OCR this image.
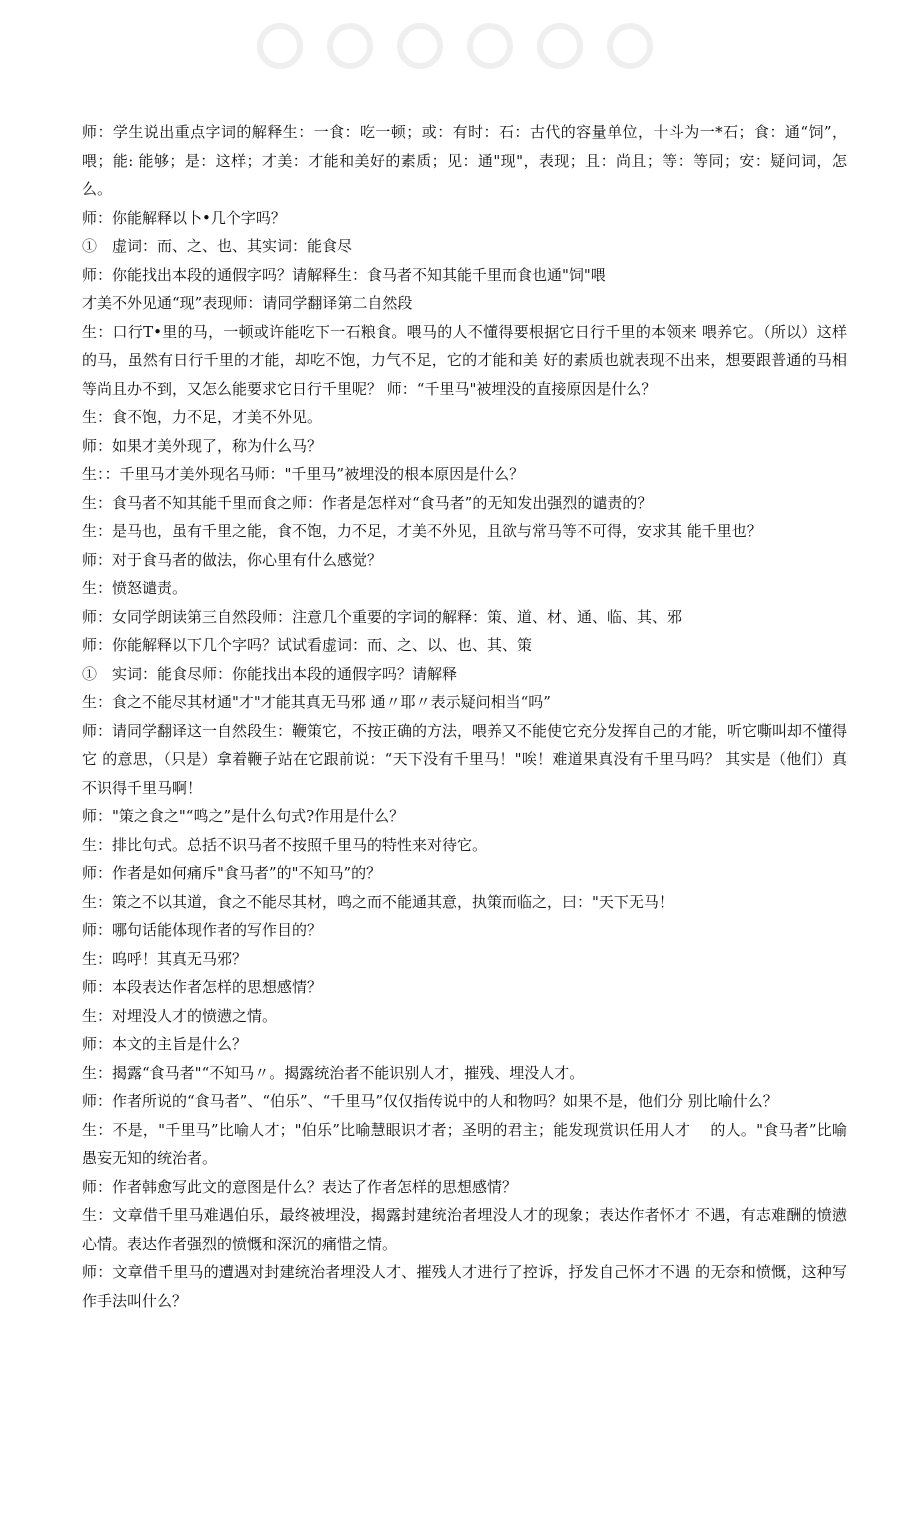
师：学生说出重点字词的解释生：一食：吃一顿；或：有时：石：古代的容量单位，十斗为一*石；食：通“饲”，喂；能: 能够；是：这样；才美：才能和美好的素质；见：通"现"，表现；且：尚且；等：等同；安：疑问词，怎么。

师：你能解释以卜•几个字吗？

①　虚词：而、之、也、其实词：能食尽

师：你能找出本段的通假字吗？请解释生：食马者不知其能千里而食也通"饲"喂

才美不外见通“现”表现师：请同学翻译第二自然段

生：口行T•里的马，一顿或许能吃下一石粮食。喂马的人不懂得要根据它日行千里的本领来 喂养它。（所以）这样的马，虽然有日行千里的才能，却吃不饱，力气不足，它的才能和美 好的素质也就表现不出来，想要跟普通的马相等尚且办不到，又怎么能要求它日行千里呢？ 师：“千里马"被埋没的直接原因是什么？

生：食不饱，力不足，才美不外见。

师：如果才美外现了，称为什么马？

生：：千里马才美外现名马师："千里马”被埋没的根本原因是什么？

生：食马者不知其能千里而食之师：作者是怎样对“食马者”的无知发出强烈的谴责的？

生：是马也，虽有千里之能，食不饱，力不足，才美不外见，且欲与常马等不可得，安求其 能千里也？

师：对于食马者的做法，你心里有什么感觉？

生：愤怒谴责。

师：女同学朗读第三自然段师：注意几个重要的字词的解释：策、道、材、通、临、其、邪

师：你能解释以下几个字吗？试试看虚词：而、之、以、也、其、策

①　实词：能食尽师：你能找出本段的通假字吗？请解释

生：食之不能尽其材通"才"才能其真无马邪 通〃耶〃表示疑问相当“吗”

师：请同学翻译这一自然段生：鞭策它，不按正确的方法，喂养又不能使它充分发挥自己的才能，听它嘶叫却不懂得它 的意思，（只是）拿着鞭子站在它跟前说：“天下没有千里马！"唉！难道果真没有千里马吗？ 其实是（他们）真不识得千里马啊！

师："策之食之"“鸣之”是什么句式?作用是什么？

生：排比句式。总括不识马者不按照千里马的特性来对待它。

师：作者是如何痛斥"食马者”的"不知马”的？

生：策之不以其道，食之不能尽其材，鸣之而不能通其意，执策而临之，曰："天下无马！

师：哪句话能体现作者的写作目的？

生：呜呼！其真无马邪？

师：本段表达作者怎样的思想感情？

生：对埋没人才的愤懑之情。

师：本文的主旨是什么？

生：揭露“食马者"“不知马〃。揭露统治者不能识别人才，摧残、埋没人才。

师：作者所说的“食马者”、“伯乐”、“千里马”仅仅指传说中的人和物吗？如果不是，他们分 别比喻什么？

生：不是，"千里马”比喻人才；"伯乐”比喻慧眼识才者；圣明的君主；能发现赏识任用人才　 的人。"食马者”比喻愚妄无知的统治者。

师：作者韩愈写此文的意图是什么？表达了作者怎样的思想感情？

生：文章借千里马难遇伯乐，最终被埋没，揭露封建统治者埋没人才的现象；表达作者怀才 不遇，有志难酬的愤懑心情。表达作者强烈的愤慨和深沉的痛惜之情。

师：文章借千里马的遭遇对封建统治者埋没人才、摧残人才进行了控诉，抒发自己怀才不遇 的无奈和愤慨，这种写作手法叫什么？
